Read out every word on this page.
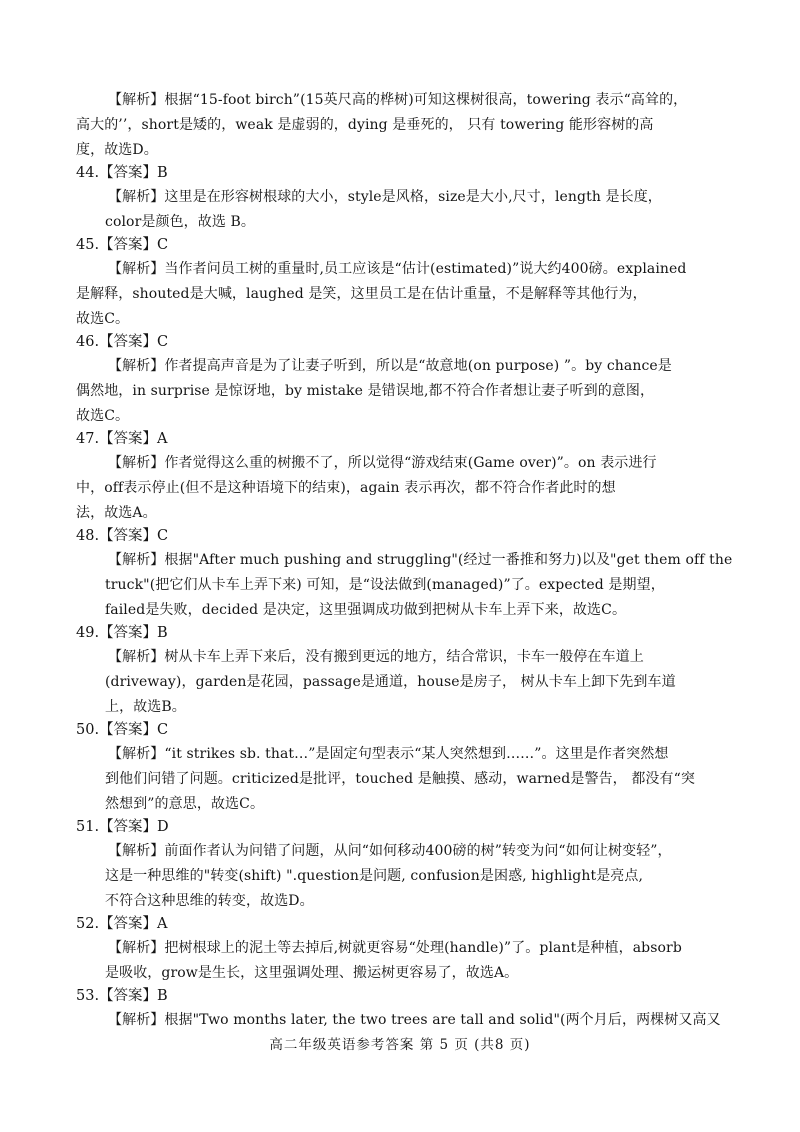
【解析】根据“15-foot birch”(15英尺高的桦树)可知这棵树很高，towering 表示“高耸的，
高大的’’，short是矮的，weak 是虚弱的，dying 是垂死的， 只有 towering 能形容树的高
度，故选D。
44.【答案】B
【解析】这里是在形容树根球的大小，style是风格，size是大小,尺寸，length 是长度，
color是颜色，故选 B。
45.【答案】C
【解析】当作者问员工树的重量时,员工应该是“估计(estimated)”说大约400磅。explained
是解释，shouted是大喊，laughed 是笑，这里员工是在估计重量，不是解释等其他行为，
故选C。
46.【答案】C
【解析】作者提高声音是为了让妻子听到，所以是“故意地(on purpose) ”。by chance是
偶然地，in surprise 是惊讶地，by mistake 是错误地,都不符合作者想让妻子听到的意图，
故选C。
47.【答案】A
【解析】作者觉得这么重的树搬不了，所以觉得“游戏结束(Game over)”。on 表示进行
中，off表示停止(但不是这种语境下的结束)，again 表示再次，都不符合作者此时的想
法，故选A。
48.【答案】C
【解析】根据"After much pushing and struggling"(经过一番推和努力)以及"get them off the
truck"(把它们从卡车上弄下来) 可知，是“设法做到(managed)”了。expected 是期望，
failed是失败，decided 是决定，这里强调成功做到把树从卡车上弄下来，故选C。
49.【答案】B
【解析】树从卡车上弄下来后，没有搬到更远的地方，结合常识，卡车一般停在车道上
(driveway)，garden是花园，passage是通道，house是房子， 树从卡车上卸下先到车道
上，故选B。
50.【答案】C
【解析】“it strikes sb. that…”是固定句型表示“某人突然想到……”。这里是作者突然想
到他们问错了问题。criticized是批评，touched 是触摸、感动，warned是警告， 都没有“突
然想到”的意思，故选C。
51.【答案】D
【解析】前面作者认为问错了问题，从问“如何移动400磅的树”转变为问“如何让树变轻”，
这是一种思维的"转变(shift) ".question是问题, confusion是困惑, highlight是亮点,
不符合这种思维的转变，故选D。
52.【答案】A
【解析】把树根球上的泥土等去掉后,树就更容易“处理(handle)”了。plant是种植，absorb
是吸收，grow是生长，这里强调处理、搬运树更容易了，故选A。
53.【答案】B
【解析】根据"Two months later, the two trees are tall and solid"(两个月后，两棵树又高又
高二年级英语参考答案 第 5 页 (共8 页)
